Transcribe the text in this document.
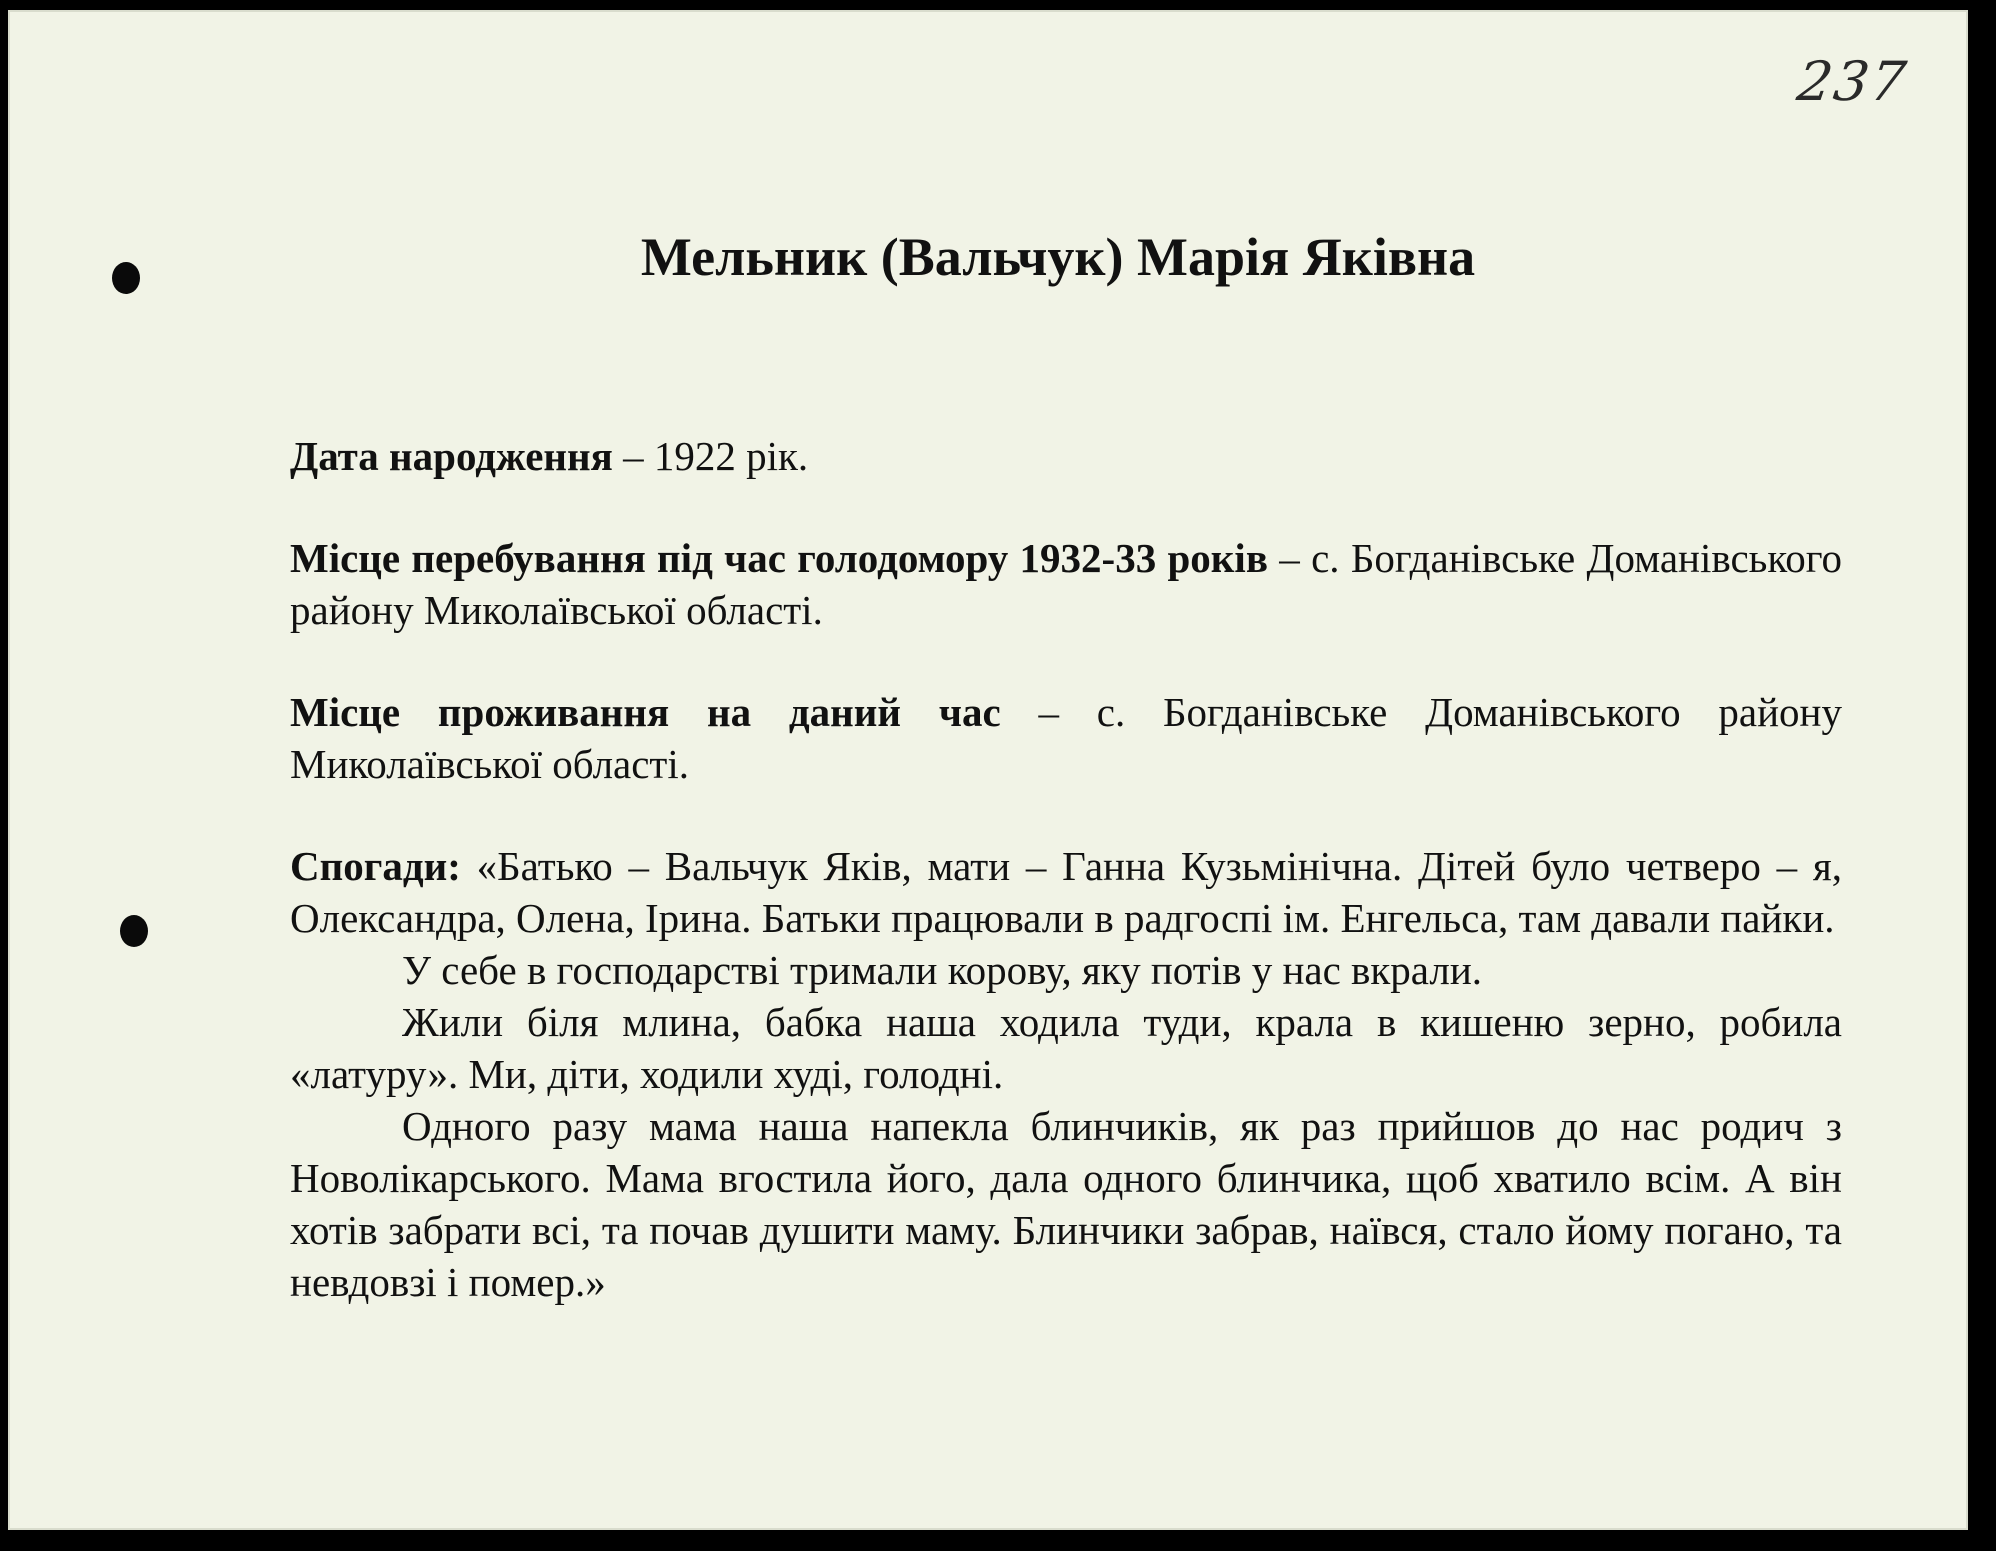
237
Мельник (Вальчук) Марія Яківна

Дата народження – 1922 рік.

Місце перебування під час голодомору 1932-33 років – с. Богданівське Доманівського району Миколаївської області.

Місце проживання на даний час – с. Богданівське Доманівського району Миколаївської області.

Спогади: «Батько – Вальчук Яків, мати – Ганна Кузьмінічна. Дітей було четверо – я, Олександра, Олена, Ірина. Батьки працювали в радгоспі ім. Енгельса, там давали пайки.

У себе в господарстві тримали корову, яку потів у нас вкрали.

Жили біля млина, бабка наша ходила туди, крала в кишеню зерно, робила «латуру». Ми, діти, ходили худі, голодні.

Одного разу мама наша напекла блинчиків, як раз прийшов до нас родич з Новолікарського. Мама вгостила його, дала одного блинчика, щоб хватило всім. А він хотів забрати всі, та почав душити маму. Блинчики забрав, наївся, стало йому погано, та невдовзі і помер.»
